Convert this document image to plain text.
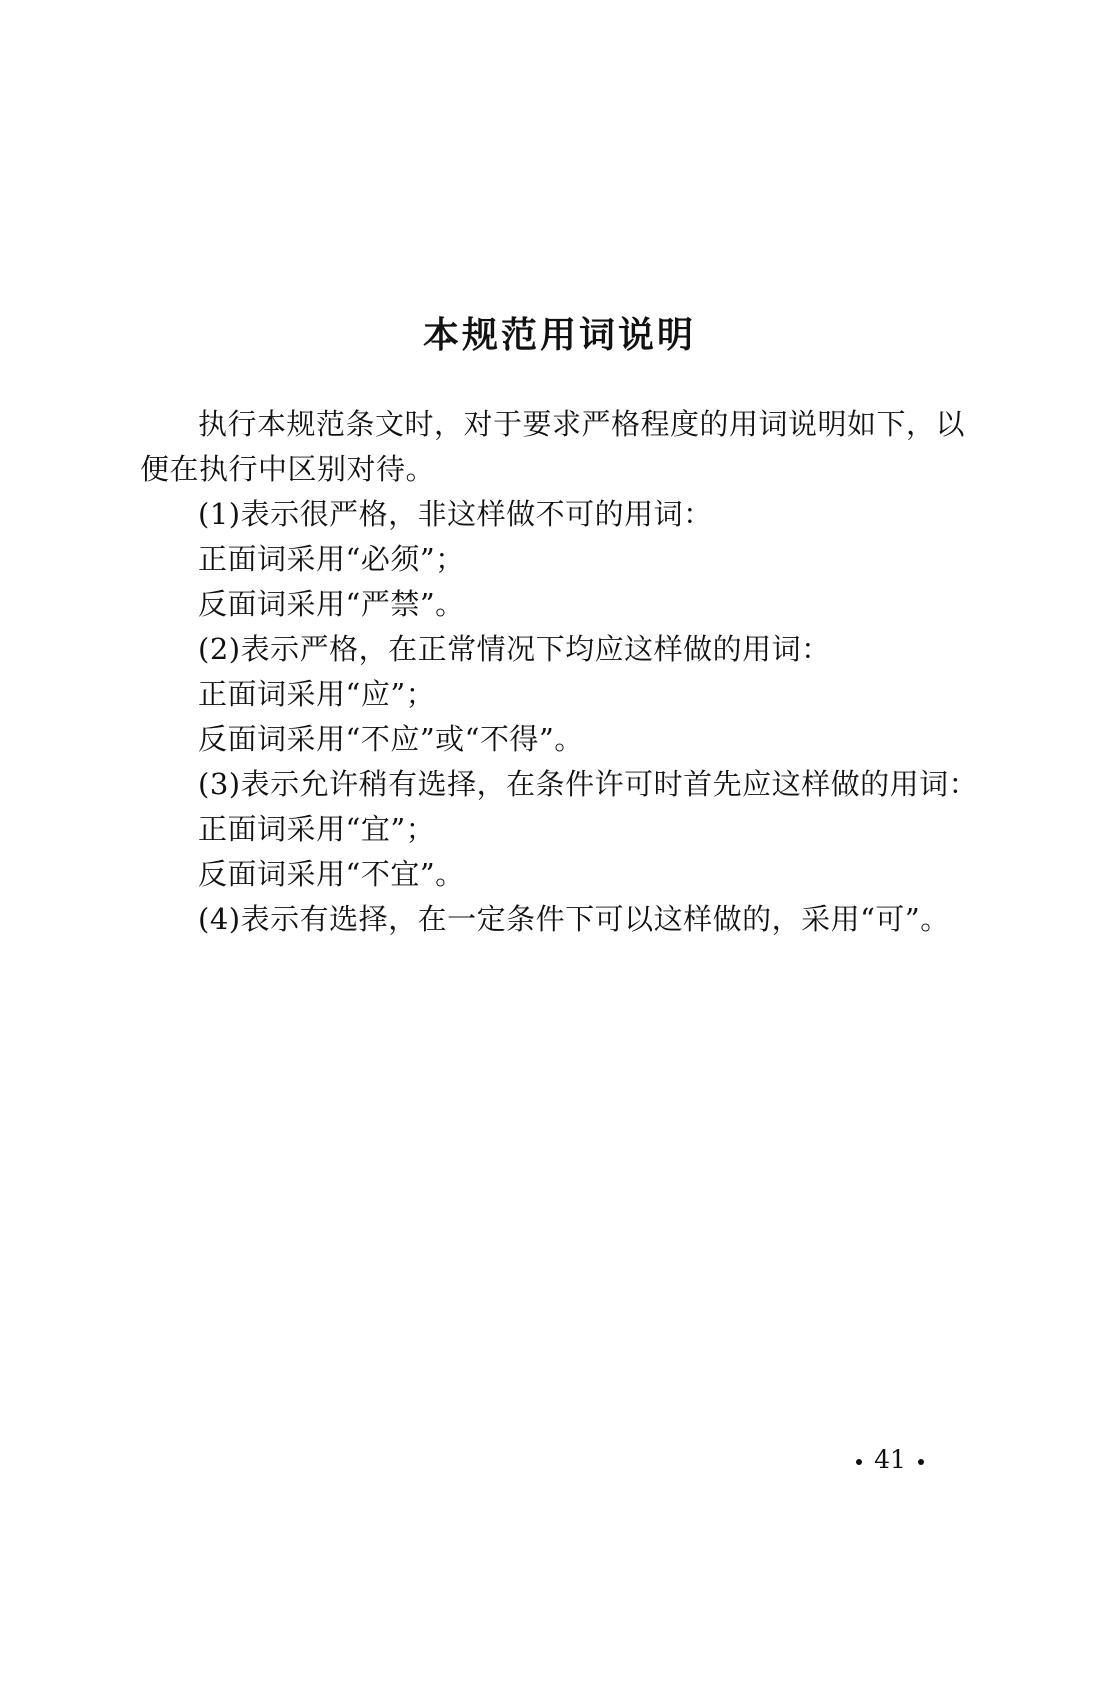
本规范用词说明

执行本规范条文时，对于要求严格程度的用词说明如下，以便在执行中区别对待。

(1)表示很严格，非这样做不可的用词：

正面词采用“必须”；

反面词采用“严禁”。

(2)表示严格，在正常情况下均应这样做的用词：

正面词采用“应”；

反面词采用“不应”或“不得”。

(3)表示允许稍有选择，在条件许可时首先应这样做的用词：

正面词采用“宜”；

反面词采用“不宜”。

(4)表示有选择，在一定条件下可以这样做的，采用“可”。

41
